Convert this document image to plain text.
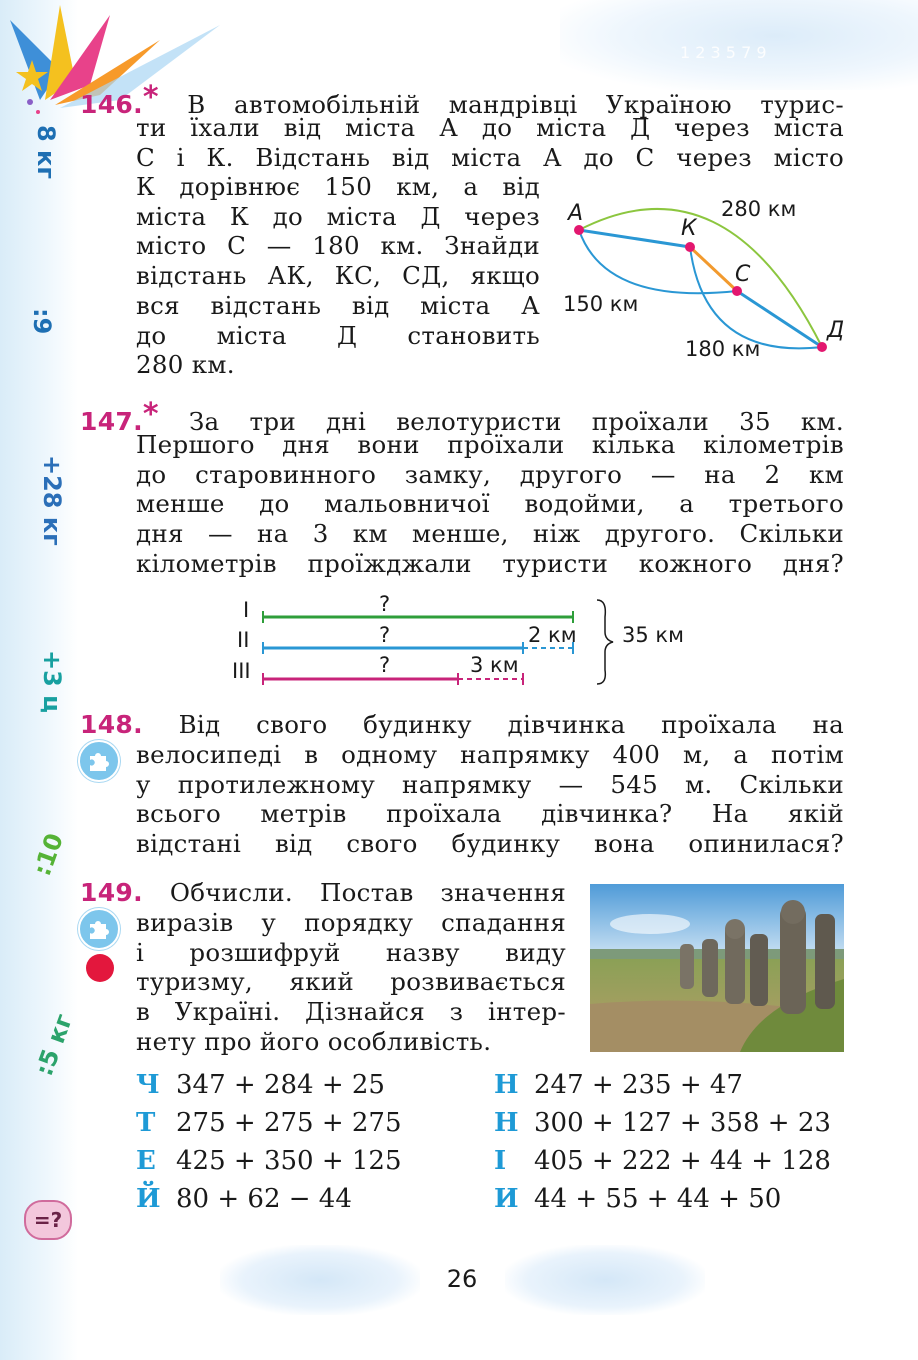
1 2 3 5 7 9
8 кг
:9
+28 кг
+3 ц
:10
:5 кг
=?
146.* В автомобільній мандрівці Україною турис-
ти їхали від міста А до міста Д через міста
С і К. Відстань від міста А до С через місто
К дорівнює 150 км, а від
міста К до міста Д через
місто С — 180 км. Знайди
відстань АК, КС, СД, якщо
вся відстань від міста А
до міста Д становить
280 км.
А
К
С
Д
280 км
150 км
180 км
147.* За три дні велотуристи проїхали 35 км.
Першого дня вони проїхали кілька кілометрів
до старовинного замку, другого — на 2 км
менше до мальовничої водойми, а третього
дня — на 3 км менше, ніж другого. Скільки
кілометрів проїжджали туристи кожного дня?
I
II
III
?
?	2 км
?	3 км
35 км
148. Від свого будинку дівчинка проїхала на
велосипеді в одному напрямку 400 м, а потім
у протилежному напрямку — 545 м. Скільки
всього метрів проїхала дівчинка? На якій
відстані від свого будинку вона опинилася?
149. Обчисли. Постав значення
виразів у порядку спадання
і розшифруй назву виду
туризму, який розвивається
в Україні. Дізнайся з інтер-
нету про його особливість.
Ч 347 + 284 + 25
Т 275 + 275 + 275
Е 425 + 350 + 125
Й 80 + 62 − 44
Н 247 + 235 + 47
Н 300 + 127 + 358 + 23
І 405 + 222 + 44 + 128
И 44 + 55 + 44 + 50
26
